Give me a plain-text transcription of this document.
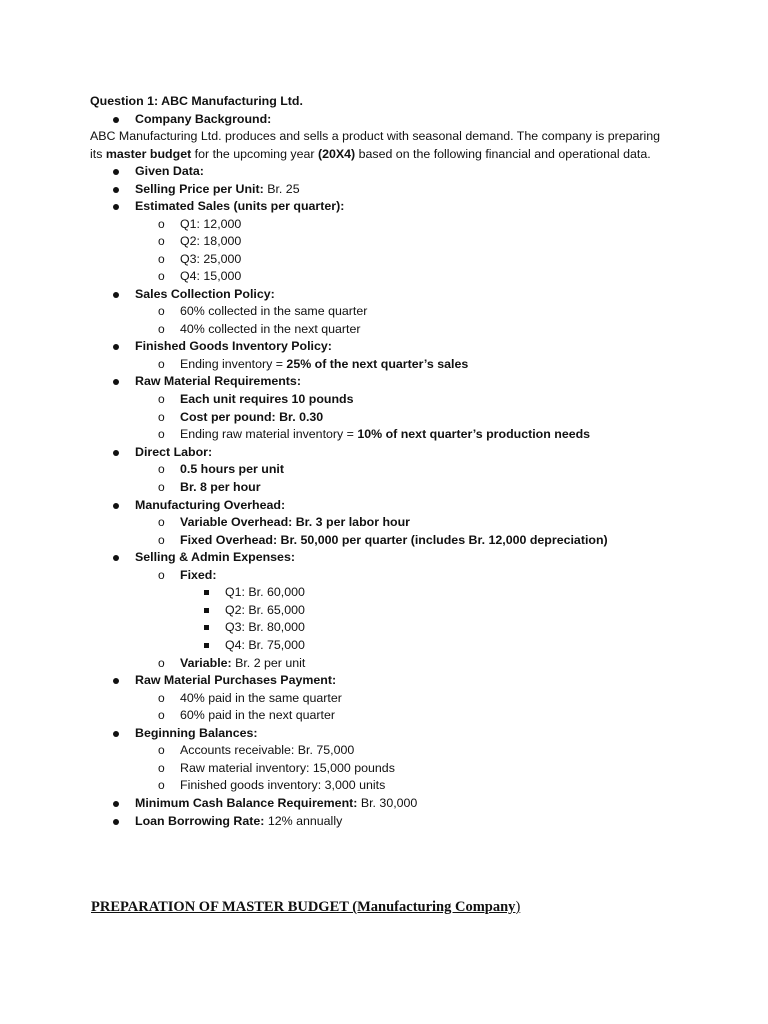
Question 1: ABC Manufacturing Ltd.
Company Background:
ABC Manufacturing Ltd. produces and sells a product with seasonal demand. The company is preparing
its master budget for the upcoming year (20X4) based on the following financial and operational data.
Given Data:
Selling Price per Unit: Br. 25
Estimated Sales (units per quarter):
o Q1: 12,000
o Q2: 18,000
o Q3: 25,000
o Q4: 15,000
Sales Collection Policy:
o 60% collected in the same quarter
o 40% collected in the next quarter
Finished Goods Inventory Policy:
o Ending inventory = 25% of the next quarter’s sales
Raw Material Requirements:
o Each unit requires 10 pounds
o Cost per pound: Br. 0.30
o Ending raw material inventory = 10% of next quarter’s production needs
Direct Labor:
o 0.5 hours per unit
o Br. 8 per hour
Manufacturing Overhead:
o Variable Overhead: Br. 3 per labor hour
o Fixed Overhead: Br. 50,000 per quarter (includes Br. 12,000 depreciation)
Selling & Admin Expenses:
o Fixed:
Q1: Br. 60,000
Q2: Br. 65,000
Q3: Br. 80,000
Q4: Br. 75,000
o Variable: Br. 2 per unit
Raw Material Purchases Payment:
o 40% paid in the same quarter
o 60% paid in the next quarter
Beginning Balances:
o Accounts receivable: Br. 75,000
o Raw material inventory: 15,000 pounds
o Finished goods inventory: 3,000 units
Minimum Cash Balance Requirement: Br. 30,000
Loan Borrowing Rate: 12% annually
PREPARATION OF MASTER BUDGET (Manufacturing Company)
